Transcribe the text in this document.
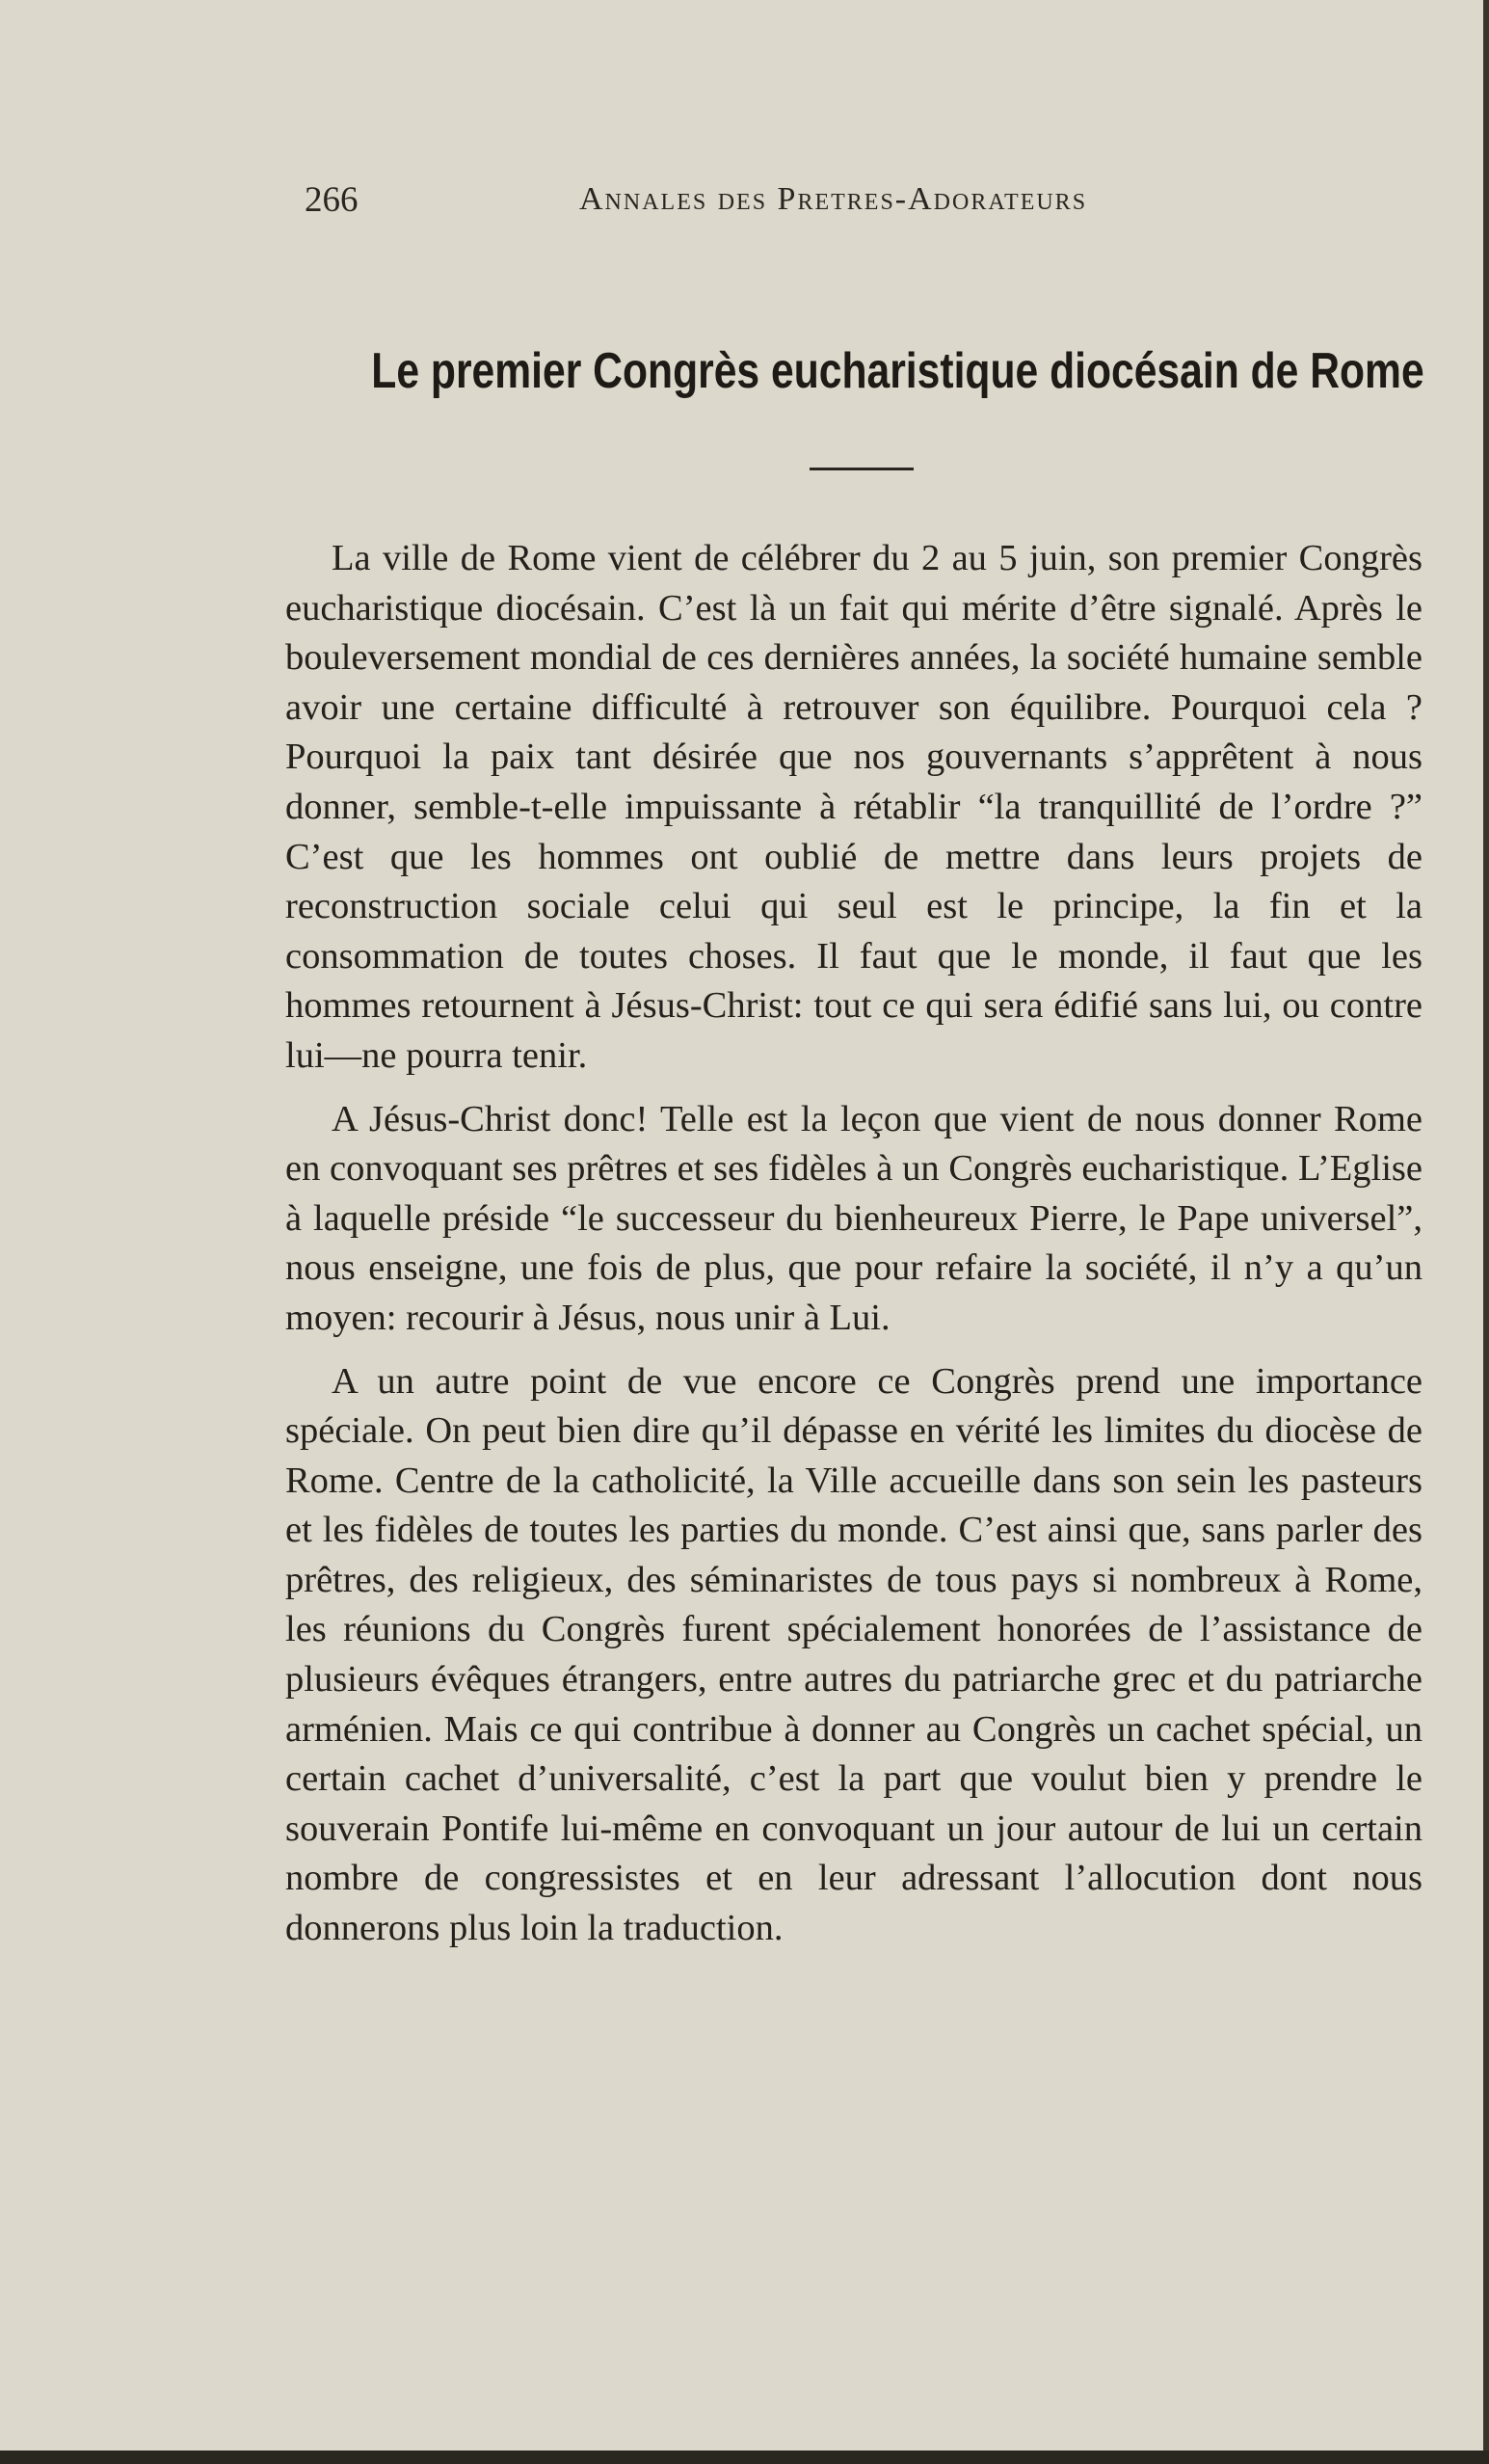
266	Annales des Pretres-Adorateurs
Le premier Congrès eucharistique diocésain de Rome

La ville de Rome vient de célébrer du 2 au 5 juin, son premier Congrès eucharistique diocésain. C’est là un fait qui mérite d’être signalé. Après le bouleversement mondial de ces dernières années, la société humaine semble avoir une certaine difficulté à retrouver son équilibre. Pourquoi cela ? Pourquoi la paix tant désirée que nos gouvernants s’apprêtent à nous donner, semble-t-elle impuissante à rétablir “la tranquillité de l’ordre ?” C’est que les hommes ont oublié de mettre dans leurs projets de reconstruction sociale celui qui seul est le principe, la fin et la consommation de toutes choses. Il faut que le monde, il faut que les hommes retournent à Jésus-Christ: tout ce qui sera édifié sans lui, ou contre lui—ne pourra tenir.

A Jésus-Christ donc! Telle est la leçon que vient de nous donner Rome en convoquant ses prêtres et ses fidèles à un Congrès eucharistique. L’Eglise à laquelle préside “le successeur du bienheureux Pierre, le Pape universel”, nous enseigne, une fois de plus, que pour refaire la société, il n’y a qu’un moyen: recourir à Jésus, nous unir à Lui.

A un autre point de vue encore ce Congrès prend une importance spéciale. On peut bien dire qu’il dépasse en vérité les limites du diocèse de Rome. Centre de la catholicité, la Ville accueille dans son sein les pasteurs et les fidèles de toutes les parties du monde. C’est ainsi que, sans parler des prêtres, des religieux, des séminaristes de tous pays si nombreux à Rome, les réunions du Congrès furent spécialement honorées de l’assistance de plusieurs évêques étrangers, entre autres du patriarche grec et du patriarche arménien. Mais ce qui contribue à donner au Congrès un cachet spécial, un certain cachet d’universalité, c’est la part que voulut bien y prendre le souverain Pontife lui-même en convoquant un jour autour de lui un certain nombre de congressistes et en leur adressant l’allocution dont nous donnerons plus loin la traduction.
